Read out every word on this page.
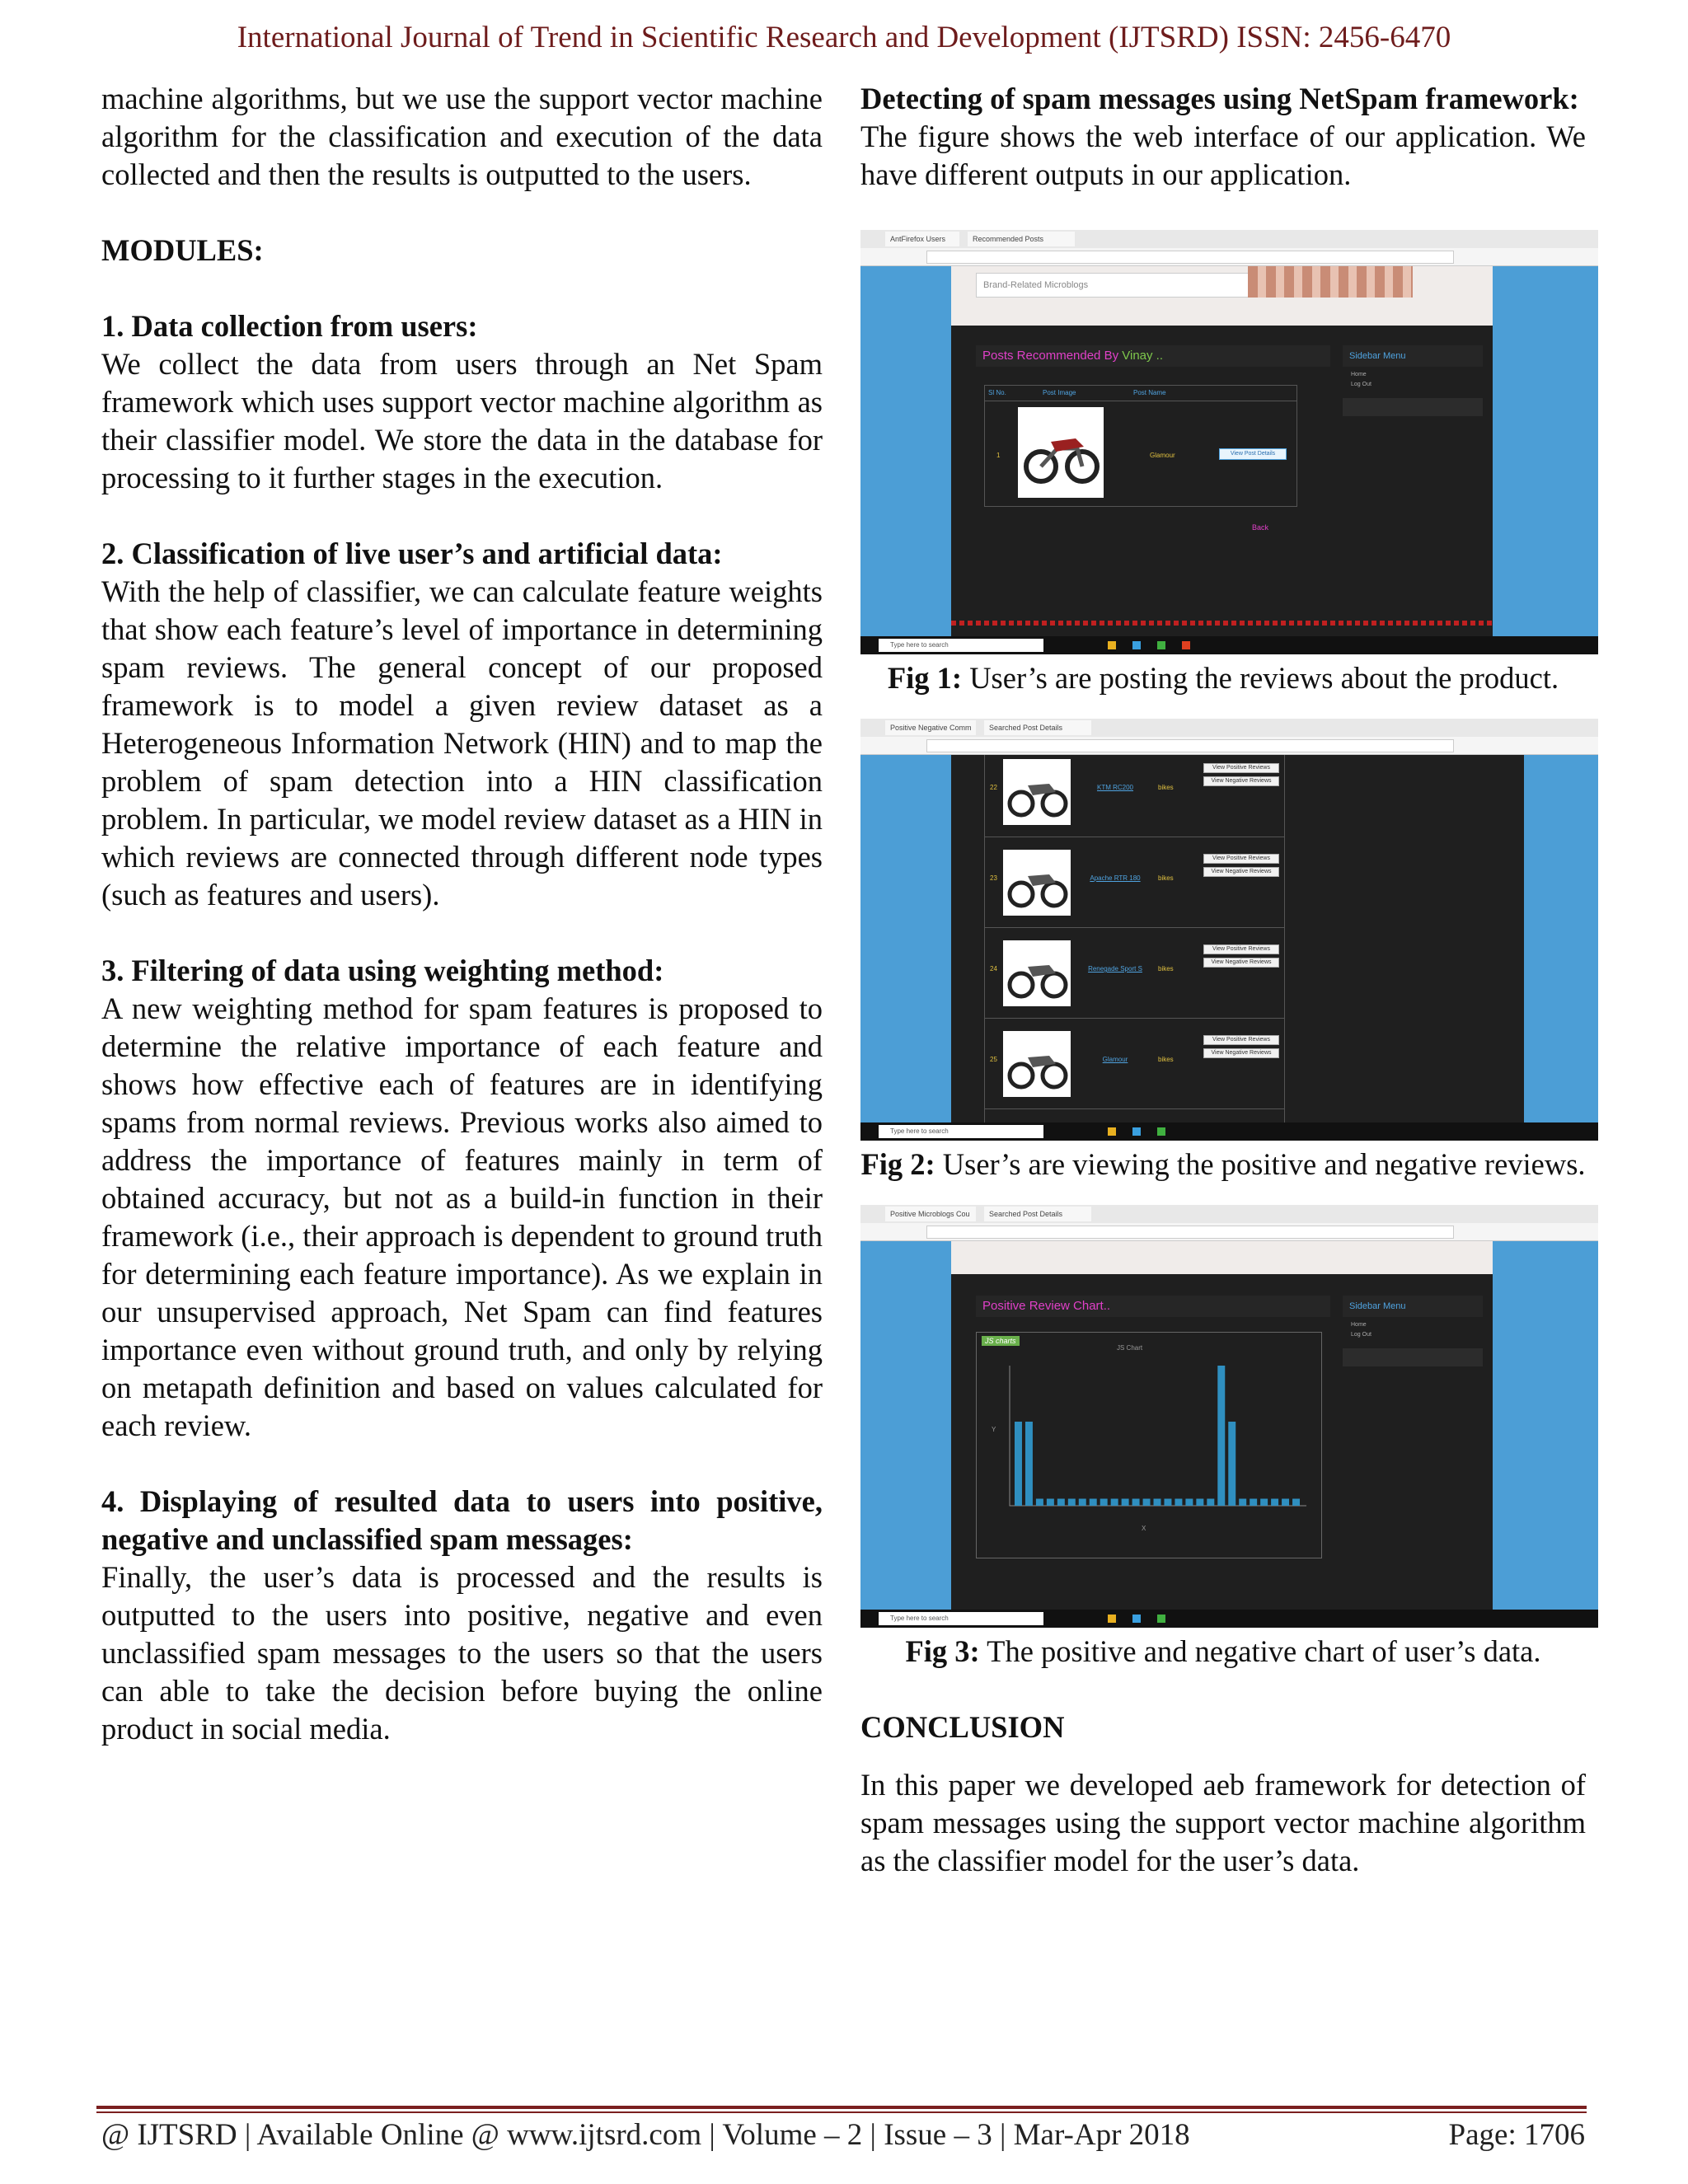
International Journal of Trend in Scientific Research and Development (IJTSRD) ISSN: 2456-6470

machine algorithms, but we use the support vector machine algorithm for the classification and execution of the data collected and then the results is outputted to the users.

MODULES:
1. Data collection from users:

We collect the data from users through an Net Spam framework which uses support vector machine algorithm as their classifier model. We store the data in the database for processing to it further stages in the execution.

2. Classification of live user’s and artificial data:

With the help of classifier, we can calculate feature weights that show each feature’s level of importance in determining spam reviews. The general concept of our proposed framework is to model a given review dataset as a Heterogeneous Information Network (HIN) and to map the problem of spam detection into a HIN classification problem. In particular, we model review dataset as a HIN in which reviews are connected through different node types (such as features and users).

3. Filtering of data using weighting method:

A new weighting method for spam features is proposed to determine the relative importance of each feature and shows how effective each of features are in identifying spams from normal reviews. Previous works also aimed to address the importance of features mainly in term of obtained accuracy, but not as a build-in function in their framework (i.e., their approach is dependent to ground truth for determining each feature importance). As we explain in our unsupervised approach, Net Spam can find features importance even without ground truth, and only by relying on metapath definition and based on values calculated for each review.

4. Displaying of resulted data to users into positive, negative and unclassified spam messages:

Finally, the user’s data is processed and the results is outputted to the users into positive, negative and even unclassified spam messages to the users so that the users can able to take the decision before buying the online product in social media.

Detecting of spam messages using NetSpam framework:

The figure shows the web interface of our application. We have different outputs in our application.

AntFirefox Users	Recommended Posts
Brand-Related Microblogs
Posts Recommended By Vinay ..	Sidebar Menu
Home
Log Out
Sl No.	Post Image	Post Name
1	Glamour	View Post Details
Back
Type here to search
Fig 1: User’s are posting the reviews about the product.
Positive Negative Comm	Searched Post Details
22	KTM RC200	bikes
View Positive Reviews
View Negative Reviews
23	Apache RTR 180	bikes
View Positive Reviews
View Negative Reviews
24	Renegade Sport S	bikes
View Positive Reviews
View Negative Reviews
25	Glamour	bikes
View Positive Reviews
View Negative Reviews
Type here to search
Fig 2: User’s are viewing the positive and negative reviews.
Positive Microblogs Cou	Searched Post Details
Positive Review Chart..	Sidebar Menu
Home
Log Out
JS charts
JS Chart
X
Y
Type here to search
Fig 3: The positive and negative chart of user’s data.
CONCLUSION

In this paper we developed aeb framework for detection of spam messages using the support vector machine algorithm as the classifier model for the user’s data.

@ IJTSRD | Available Online @ www.ijtsrd.com | Volume – 2 | Issue – 3 | Mar-Apr 2018	Page: 1706
